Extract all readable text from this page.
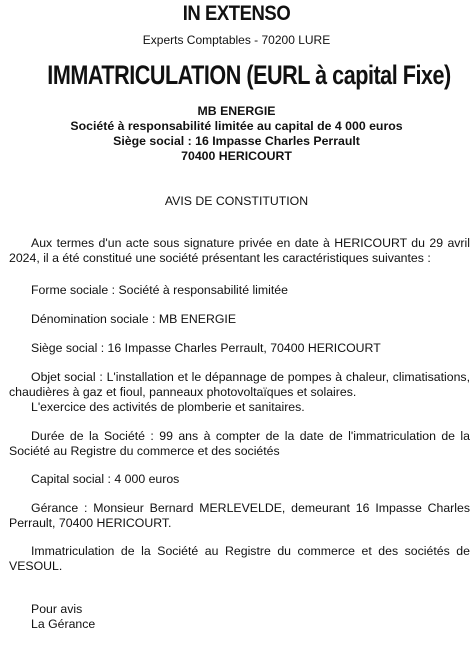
IN EXTENSO
Experts Comptables - 70200 LURE
IMMATRICULATION (EURL à capital Fixe)
MB ENERGIE
Société à responsabilité limitée au capital de 4 000 euros
Siège social : 16 Impasse Charles Perrault
70400 HERICOURT
AVIS DE CONSTITUTION

Aux termes d'un acte sous signature privée en date à HERICOURT du 29 avril 2024, il a été constitué une société présentant les caractéristiques suivantes :

Forme sociale : Société à responsabilité limitée

Dénomination sociale : MB ENERGIE

Siège social : 16 Impasse Charles Perrault, 70400 HERICOURT

Objet social : L'installation et le dépannage de pompes à chaleur, climatisations, chaudières à gaz et fioul, panneaux photovoltaïques et solaires.

L'exercice des activités de plomberie et sanitaires.

Durée de la Société : 99 ans à compter de la date de l'immatriculation de la Société au Registre du commerce et des sociétés

Capital social : 4 000 euros

Gérance : Monsieur Bernard MERLEVELDE, demeurant 16 Impasse Charles Perrault, 70400 HERICOURT.

Immatriculation de la Société au Registre du commerce et des sociétés de VESOUL.

Pour avis
La Gérance
